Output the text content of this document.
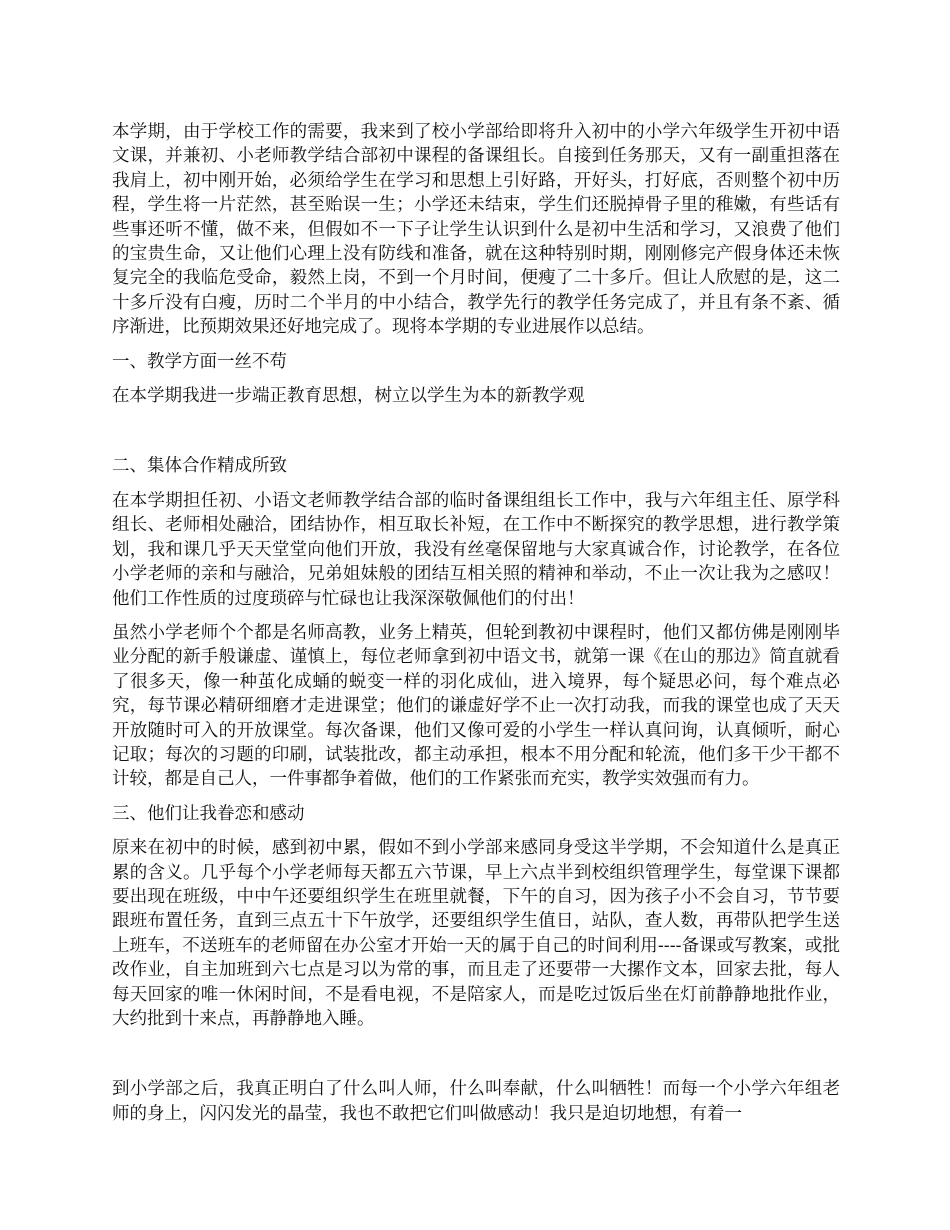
本学期，由于学校工作的需要，我来到了校小学部给即将升入初中的小学六年级学生开初中语文课，并兼初、小老师教学结合部初中课程的备课组长。自接到任务那天，又有一副重担落在我肩上，初中刚开始，必须给学生在学习和思想上引好路，开好头，打好底，否则整个初中历程，学生将一片茫然，甚至贻误一生；小学还未结束，学生们还脱掉骨子里的稚嫩，有些话有些事还听不懂，做不来，但假如不一下子让学生认识到什么是初中生活和学习，又浪费了他们的宝贵生命，又让他们心理上没有防线和准备，就在这种特别时期，刚刚修完产假身体还未恢复完全的我临危受命，毅然上岗，不到一个月时间，便瘦了二十多斤。但让人欣慰的是，这二十多斤没有白瘦，历时二个半月的中小结合，教学先行的教学任务完成了，并且有条不紊、循序渐进，比预期效果还好地完成了。现将本学期的专业进展作以总结。

一、教学方面一丝不苟

在本学期我进一步端正教育思想，树立以学生为本的新教学观

二、集体合作精成所致

在本学期担任初、小语文老师教学结合部的临时备课组组长工作中，我与六年组主任、原学科组长、老师相处融洽，团结协作，相互取长补短，在工作中不断探究的教学思想，进行教学策划，我和课几乎天天堂堂向他们开放，我没有丝毫保留地与大家真诚合作，讨论教学，在各位小学老师的亲和与融洽，兄弟姐妹般的团结互相关照的精神和举动，不止一次让我为之感叹！他们工作性质的过度琐碎与忙碌也让我深深敬佩他们的付出！

虽然小学老师个个都是名师高教，业务上精英，但轮到教初中课程时，他们又都仿佛是刚刚毕业分配的新手般谦虚、谨慎上，每位老师拿到初中语文书，就第一课《在山的那边》简直就看了很多天，像一种茧化成蛹的蜕变一样的羽化成仙，进入境界，每个疑思必问，每个难点必究，每节课必精研细磨才走进课堂；他们的谦虚好学不止一次打动我，而我的课堂也成了天天开放随时可入的开放课堂。每次备课，他们又像可爱的小学生一样认真问询，认真倾听，耐心记取；每次的习题的印刷，试装批改，都主动承担，根本不用分配和轮流，他们多干少干都不计较，都是自己人，一件事都争着做，他们的工作紧张而充实，教学实效强而有力。

三、他们让我眷恋和感动

原来在初中的时候，感到初中累，假如不到小学部来感同身受这半学期，不会知道什么是真正累的含义。几乎每个小学老师每天都五六节课，早上六点半到校组织管理学生，每堂课下课都要出现在班级，中中午还要组织学生在班里就餐，下午的自习，因为孩子小不会自习，节节要跟班布置任务，直到三点五十下午放学，还要组织学生值日，站队，查人数，再带队把学生送上班车，不送班车的老师留在办公室才开始一天的属于自己的时间利用----备课或写教案，或批改作业，自主加班到六七点是习以为常的事，而且走了还要带一大摞作文本，回家去批，每人每天回家的唯一休闲时间，不是看电视，不是陪家人，而是吃过饭后坐在灯前静静地批作业，大约批到十来点，再静静地入睡。

到小学部之后，我真正明白了什么叫人师，什么叫奉献，什么叫牺牲！而每一个小学六年组老师的身上，闪闪发光的晶莹，我也不敢把它们叫做感动！我只是迫切地想，有着一
